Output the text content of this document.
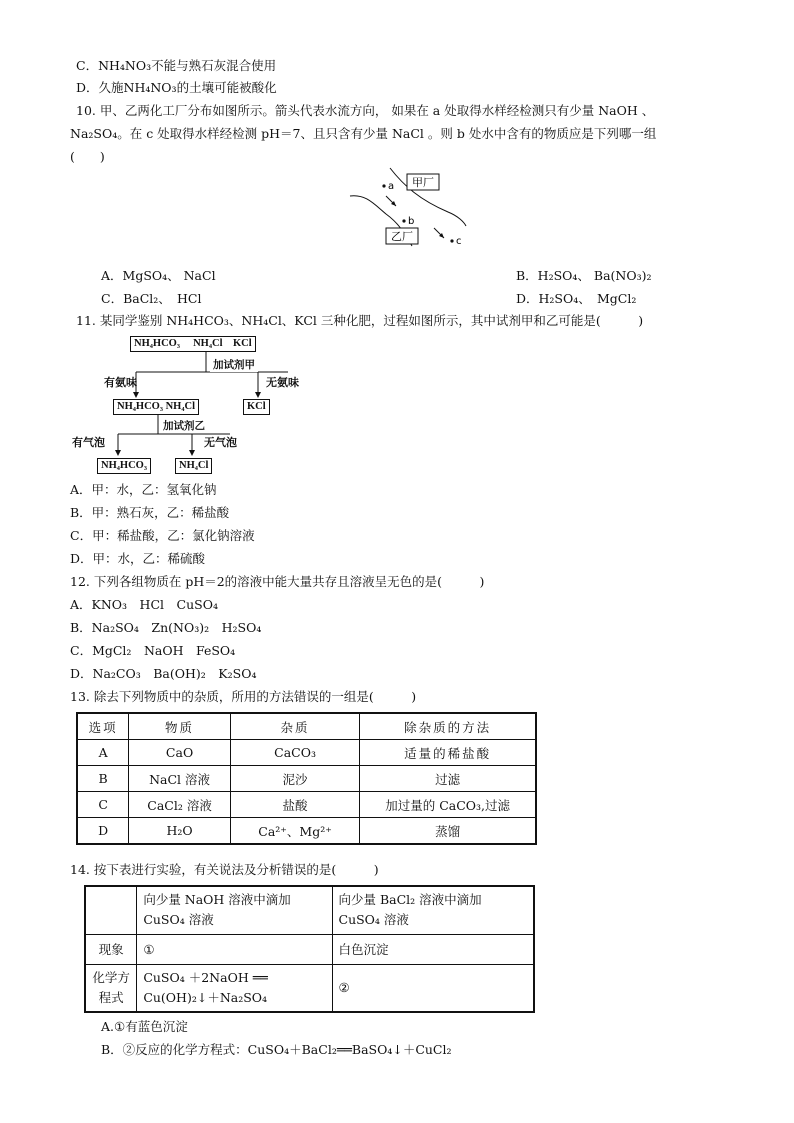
C．NH₄NO₃不能与熟石灰混合使用
D．久施NH₄NO₃的土壤可能被酸化
10. 甲、乙两化工厂分布如图所示。箭头代表水流方向， 如果在 a 处取得水样经检测只有少量 NaOH 、
Na₂SO₄。在 c 处取得水样经检测 pH＝7、且只含有少量 NaCl 。则 b 处水中含有的物质应是下列哪一组
(　　)
a
b
c
甲厂
乙厂
A．MgSO₄、 NaCl	B．H₂SO₄、 Ba(NO₃)₂
C．BaCl₂、　HCl	D．H₂SO₄、　MgCl₂
11. 某同学鉴别 NH₄HCO₃、NH₄Cl、KCl 三种化肥，过程如图所示，其中试剂甲和乙可能是(　　　)
NH₄HCO₃　 NH₄Cl　KCl
加试剂甲
有氨味	无氨味
NH₄HCO₃ NH₄Cl	KCl
加试剂乙
有气泡	无气泡
NH₄HCO₃	NH₄Cl
A．甲：水，乙：氢氧化钠
B．甲：熟石灰，乙：稀盐酸
C．甲：稀盐酸，乙：氯化钠溶液
D．甲：水，乙：稀硫酸
12. 下列各组物质在 pH＝2的溶液中能大量共存且溶液呈无色的是(　　　)
A．KNO₃　HCl　CuSO₄
B．Na₂SO₄　Zn(NO₃)₂　H₂SO₄
C．MgCl₂　NaOH　FeSO₄
D．Na₂CO₃　Ba(OH)₂　K₂SO₄
13. 除去下列物质中的杂质，所用的方法错误的一组是(　　　)
选项	物质	杂质	除杂质的方法
A	CaO	CaCO₃	适量的稀盐酸
B	NaCl 溶液	泥沙	过滤
C	CaCl₂ 溶液	盐酸	加过量的 CaCO₃,过滤
D	H₂O	Ca²⁺、Mg²⁺	蒸馏
14. 按下表进行实验，有关说法及分析错误的是(　　　)
	向少量 NaOH 溶液中滴加 CuSO₄ 溶液	向少量 BaCl₂ 溶液中滴加 CuSO₄ 溶液
现象	①	白色沉淀
化学方程式	CuSO₄ ＋2NaOH ══ Cu(OH)₂↓＋Na₂SO₄	②
A.①有蓝色沉淀
B．②反应的化学方程式：CuSO₄＋BaCl₂══BaSO₄↓＋CuCl₂
